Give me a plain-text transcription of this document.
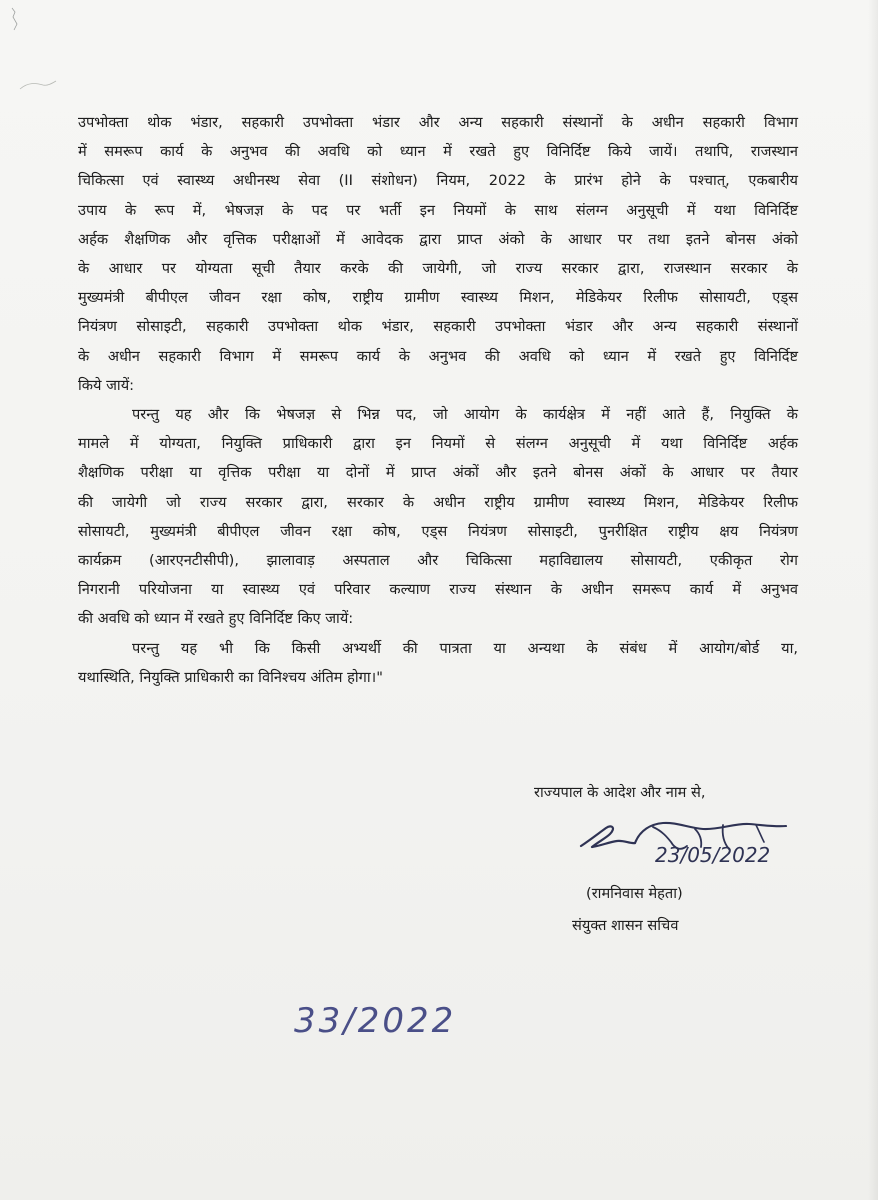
उपभोक्ता थोक भंडार, सहकारी उपभोक्ता भंडार और अन्य सहकारी संस्थानों के अधीन सहकारी विभाग
में समरूप कार्य के अनुभव की अवधि को ध्यान में रखते हुए विनिर्दिष्ट किये जायें। तथापि, राजस्थान
चिकित्सा एवं स्वास्थ्य अधीनस्थ सेवा (II संशोधन) नियम, 2022 के प्रारंभ होने के पश्चात्, एकबारीय
उपाय के रूप में, भेषजज्ञ के पद पर भर्ती इन नियमों के साथ संलग्न अनुसूची में यथा विनिर्दिष्ट
अर्हक शैक्षणिक और वृत्तिक परीक्षाओं में आवेदक द्वारा प्राप्त अंको के आधार पर तथा इतने बोनस अंको
के आधार पर योग्यता सूची तैयार करके की जायेगी, जो राज्य सरकार द्वारा, राजस्थान सरकार के
मुख्यमंत्री बीपीएल जीवन रक्षा कोष, राष्ट्रीय ग्रामीण स्वास्थ्य मिशन, मेडिकेयर रिलीफ सोसायटी, एड्स
नियंत्रण सोसाइटी, सहकारी उपभोक्ता थोक भंडार, सहकारी उपभोक्ता भंडार और अन्य सहकारी संस्थानों
के अधीन सहकारी विभाग में समरूप कार्य के अनुभव की अवधि को ध्यान में रखते हुए विनिर्दिष्ट
किये जायें:

परन्तु यह और कि भेषजज्ञ से भिन्न पद, जो आयोग के कार्यक्षेत्र में नहीं आते हैं, नियुक्ति के
मामले में योग्यता, नियुक्ति प्राधिकारी द्वारा इन नियमों से संलग्न अनुसूची में यथा विनिर्दिष्ट अर्हक
शैक्षणिक परीक्षा या वृत्तिक परीक्षा या दोनों में प्राप्त अंकों और इतने बोनस अंकों के आधार पर तैयार
की जायेगी जो राज्य सरकार द्वारा, सरकार के अधीन राष्ट्रीय ग्रामीण स्वास्थ्य मिशन, मेडिकेयर रिलीफ
सोसायटी, मुख्यमंत्री बीपीएल जीवन रक्षा कोष, एड्स नियंत्रण सोसाइटी, पुनरीक्षित राष्ट्रीय क्षय नियंत्रण
कार्यक्रम (आरएनटीसीपी), झालावाड़ अस्पताल और चिकित्सा महाविद्यालय सोसायटी, एकीकृत रोग
निगरानी परियोजना या स्वास्थ्य एवं परिवार कल्याण राज्य संस्थान के अधीन समरूप कार्य में अनुभव
की अवधि को ध्यान में रखते हुए विनिर्दिष्ट किए जायें:

परन्तु यह भी कि किसी अभ्यर्थी की पात्रता या अन्यथा के संबंध में आयोग/बोर्ड या,
यथास्थिति, नियुक्ति प्राधिकारी का विनिश्चय अंतिम होगा।"

राज्यपाल के आदेश और नाम से,
23/05/2022
(रामनिवास मेहता)
संयुक्त शासन सचिव
33/2022
